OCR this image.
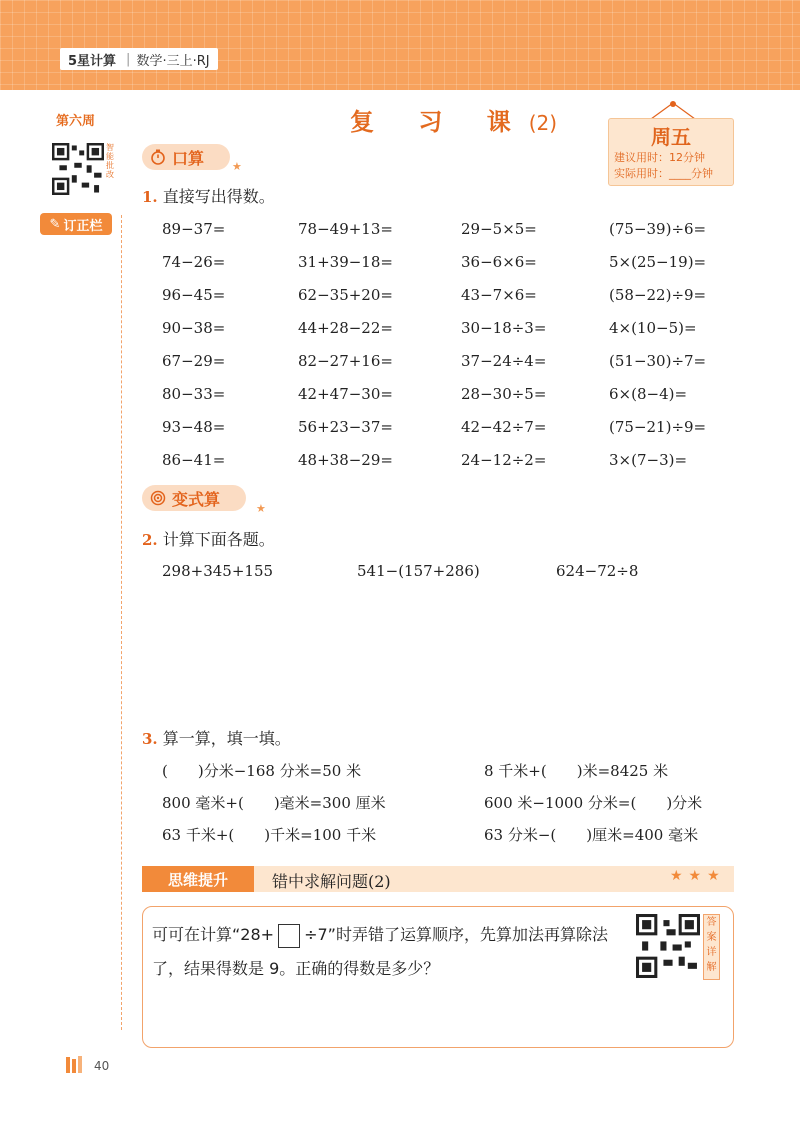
5星计算 | 数学·三上·RJ
第六周
智能批改
✎ 订正栏
40
复 习 课(2)
周五
建议用时：12分钟
实际用时：____分钟
口算	★
1. 直接写出得数。
89−37=	78−49+13=	29−5×5=	(75−39)÷6=
74−26=	31+39−18=	36−6×6=	5×(25−19)=
96−45=	62−35+20=	43−7×6=	(58−22)÷9=
90−38=	44+28−22=	30−18÷3=	4×(10−5)=
67−29=	82−27+16=	37−24÷4=	(51−30)÷7=
80−33=	42+47−30=	28−30÷5=	6×(8−4)=
93−48=	56+23−37=	42−42÷7=	(75−21)÷9=
86−41=	48+38−29=	24−12÷2=	3×(7−3)=
变式算	★
2. 计算下面各题。
298+345+155	541−(157+286)	624−72÷8
3. 算一算，填一填。
(　　)分米−168 分米=50 米	8 千米+(　　)米=8425 米
800 毫米+(　　)毫米=300 厘米	600 米−1000 分米=(　　)分米
63 千米+(　　)千米=100 千米	63 分米−(　　)厘米=400 毫米
思维提升	错中求解问题(2)	★★★
可可在计算“28+ ÷7”时弄错了运算顺序，先算加法再算除法了，结果得数是 9。正确的得数是多少？
答案详解
